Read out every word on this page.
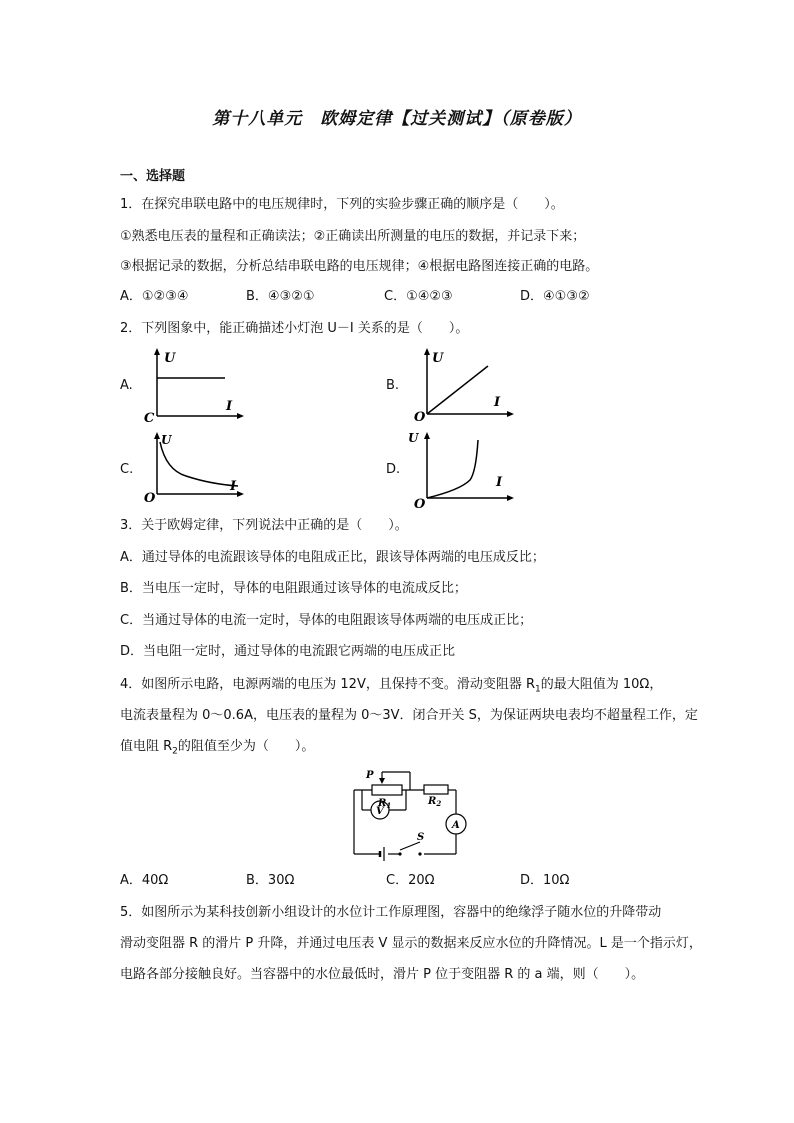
第十八单元　欧姆定律【过关测试】（原卷版）
一、选择题
1．在探究串联电路中的电压规律时，下列的实验步骤正确的顺序是（　　）。
①熟悉电压表的量程和正确读法；②正确读出所测量的电压的数据，并记录下来；
③根据记录的数据，分析总结串联电路的电压规律；④根据电路图连接正确的电路。
A．①②③④	B．④③②①	C．①④②③	D．④①③②
2．下列图象中，能正确描述小灯泡 U－I 关系的是（　　）。
A.
U
I
C
B.
U
I
O
C.
U
I
O
D.
U
I
O
3．关于欧姆定律，下列说法中正确的是（　　）。
A．通过导体的电流跟该导体的电阻成正比，跟该导体两端的电压成反比；
B．当电压一定时，导体的电阻跟通过该导体的电流成反比；
C．当通过导体的电流一定时，导体的电阻跟该导体两端的电压成正比；
D．当电阻一定时，通过导体的电流跟它两端的电压成正比
4．如图所示电路，电源两端的电压为 12V，且保持不变。滑动变阻器 $R_1$的最大阻值为 10Ω，
电流表量程为 0～0.6A，电压表的量程为 0～3V．闭合开关 S，为保证两块电表均不超量程工作，定
值电阻 $R_2$的阻值至少为（　　）。
P
$R_1$	$R_2$
V
A
S
A．40Ω	B．30Ω	C．20Ω	D．10Ω
5．如图所示为某科技创新小组设计的水位计工作原理图，容器中的绝缘浮子随水位的升降带动
滑动变阻器 R 的滑片 P 升降，并通过电压表 V 显示的数据来反应水位的升降情况。L 是一个指示灯，
电路各部分接触良好。当容器中的水位最低时，滑片 P 位于变阻器 R 的 a 端，则（　　）。
